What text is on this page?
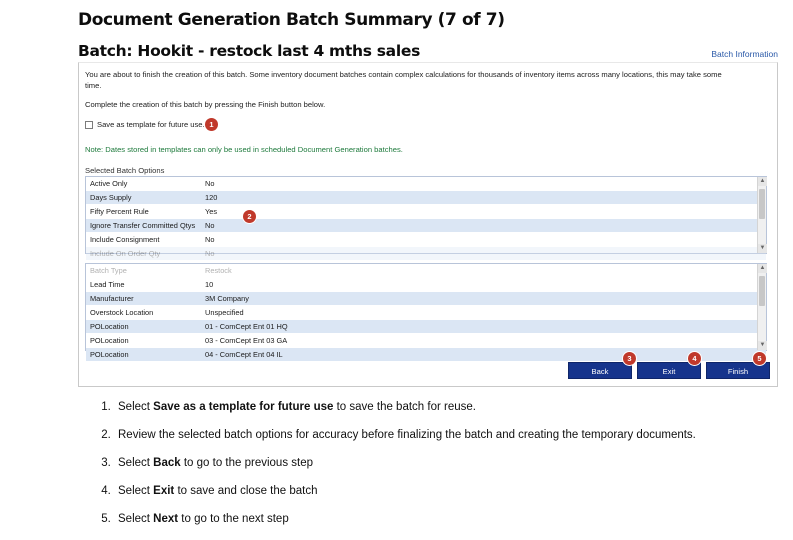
Document Generation Batch Summary (7 of 7)
Batch: Hookit - restock last 4 mths sales	Batch Information
You are about to finish the creation of this batch. Some inventory document batches contain complex calculations for thousands of inventory items across many locations, this may take some time.
Complete the creation of this batch by pressing the Finish button below.
Save as template for future use.
Note: Dates stored in templates can only be used in scheduled Document Generation batches.
Selected Batch Options
Active Only	No
Days Supply	120
Fifty Percent Rule	Yes
Ignore Transfer Committed Qtys	No
Include Consignment	No
Include On Order Qty	No
▲
▼
Batch Type	Restock
Lead Time	10
Manufacturer	3M Company
Overstock Location	Unspecified
POLocation	01 - ComCept Ent 01 HQ
POLocation	03 - ComCept Ent 03 GA
POLocation	04 - ComCept Ent 04 IL
▲
▼
Back	Exit	Finish
1
2
3	4	5
1. Select Save as a template for future use to save the batch for reuse.
2. Review the selected batch options for accuracy before finalizing the batch and creating the temporary documents.
3. Select Back to go to the previous step
4. Select Exit to save and close the batch
5. Select Next to go to the next step
